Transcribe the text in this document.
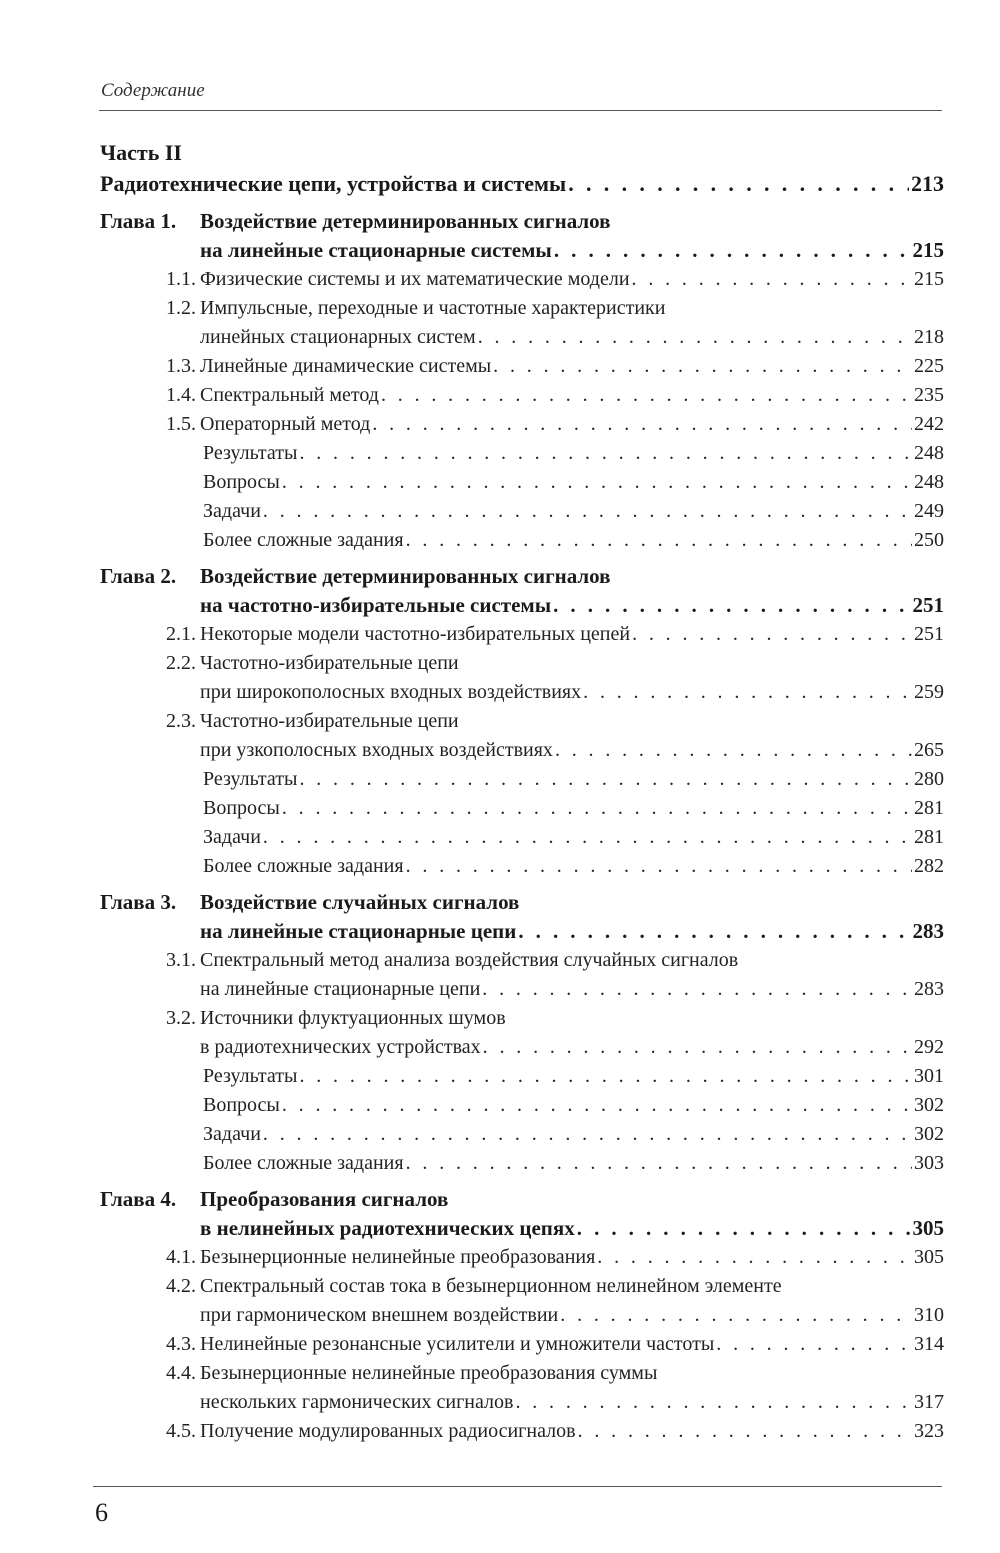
Содержание
Часть II
Радиотехнические цепи, устройства и системы . . .	213
Глава 1.	Воздействие детерминированных сигналов
на линейные стационарные системы . . .	215
1.1. Физические системы и их математические модели . . .	215
1.2. Импульсные, переходные и частотные характеристики
линейных стационарных систем . . .	218
1.3. Линейные динамические системы . . .	225
1.4. Спектральный метод . . .	235
1.5. Операторный метод . . .	242
Результаты . . .	248
Вопросы . . .	248
Задачи . . .	249
Более сложные задания . . .	250
Глава 2.	Воздействие детерминированных сигналов
на частотно-избирательные системы . . .	251
2.1. Некоторые модели частотно-избирательных цепей . . .	251
2.2. Частотно-избирательные цепи
при широкополосных входных воздействиях . . .	259
2.3. Частотно-избирательные цепи
при узкополосных входных воздействиях . . .	265
Результаты . . .	280
Вопросы . . .	281
Задачи . . .	281
Более сложные задания . . .	282
Глава 3.	Воздействие случайных сигналов
на линейные стационарные цепи . . .	283
3.1. Спектральный метод анализа воздействия случайных сигналов
на линейные стационарные цепи . . .	283
3.2. Источники флуктуационных шумов
в радиотехнических устройствах . . .	292
Результаты . . .	301
Вопросы . . .	302
Задачи . . .	302
Более сложные задания . . .	303
Глава 4.	Преобразования сигналов
в нелинейных радиотехнических цепях . . .	305
4.1. Безынерционные нелинейные преобразования . . .	305
4.2. Спектральный состав тока в безынерционном нелинейном элементе
при гармоническом внешнем воздействии . . .	310
4.3. Нелинейные резонансные усилители и умножители частоты . . .	314
4.4. Безынерционные нелинейные преобразования суммы
нескольких гармонических сигналов . . .	317
4.5. Получение модулированных радиосигналов . . .	323
6
